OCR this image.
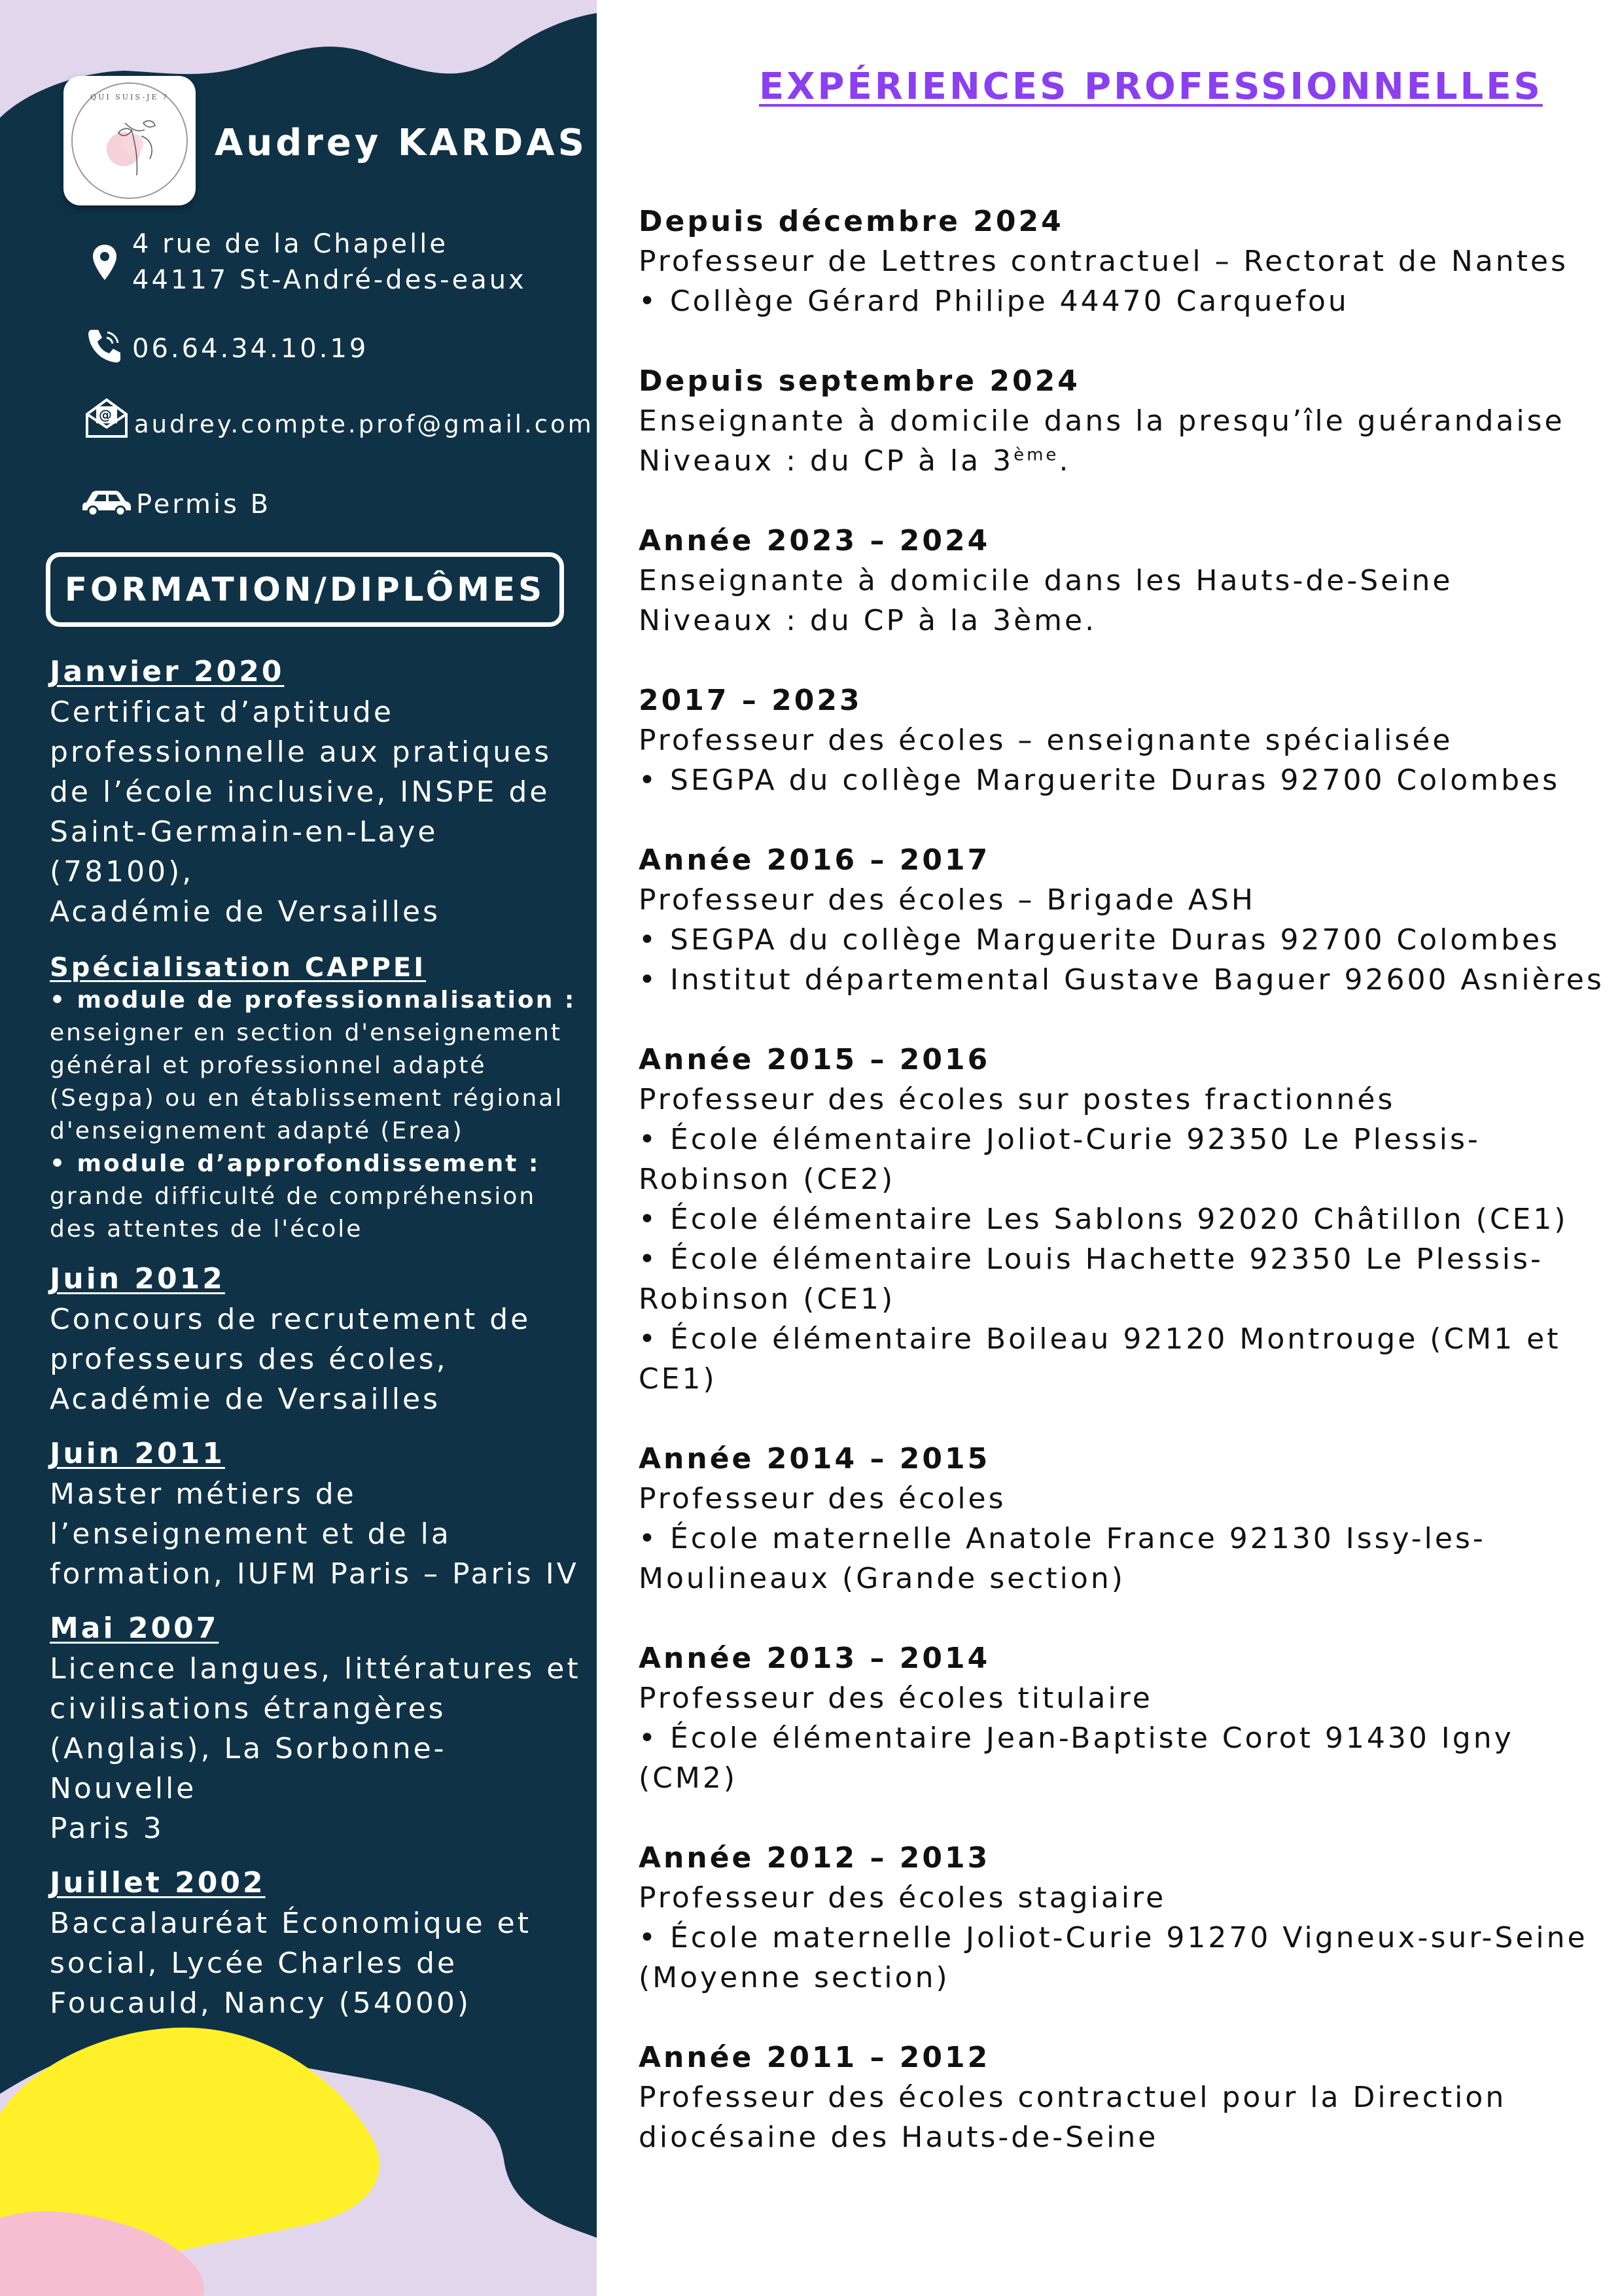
QUI SUIS-JE ?
Audrey KARDAS
4 rue de la Chapelle
44117 St-André-des-eaux
06.64.34.10.19
@ audrey.compte.prof@gmail.com
Permis B
FORMATION/DIPLÔMES
Janvier 2020
Certificat d’aptitude
professionnelle aux pratiques
de l’école inclusive, INSPE de
Saint-Germain-en-Laye (78100),
Académie de Versailles
Spécialisation CAPPEI
• module de professionnalisation :
enseigner en section d'enseignement
général et professionnel adapté
(Segpa) ou en établissement régional
d'enseignement adapté (Erea)
• module d’approfondissement :
grande difficulté de compréhension
des attentes de l'école
Juin 2012
Concours de recrutement de
professeurs des écoles,
Académie de Versailles
Juin 2011
Master métiers de
l’enseignement et de la
formation, IUFM Paris – Paris IV
Mai 2007
Licence langues, littératures et
civilisations étrangères
(Anglais), La Sorbonne-Nouvelle
Paris 3
Juillet 2002
Baccalauréat Économique et
social, Lycée Charles de
Foucauld, Nancy (54000)
EXPÉRIENCES PROFESSIONNELLES
Depuis décembre 2024
Professeur de Lettres contractuel – Rectorat de Nantes
• Collège Gérard Philipe 44470 Carquefou
Depuis septembre 2024
Enseignante à domicile dans la presqu’île guérandaise
Niveaux : du CP à la 3ème.
Année 2023 – 2024
Enseignante à domicile dans les Hauts-de-Seine
Niveaux : du CP à la 3ème.
2017 – 2023
Professeur des écoles – enseignante spécialisée
• SEGPA du collège Marguerite Duras 92700 Colombes
Année 2016 – 2017
Professeur des écoles – Brigade ASH
• SEGPA du collège Marguerite Duras 92700 Colombes
• Institut départemental Gustave Baguer 92600 Asnières
Année 2015 – 2016
Professeur des écoles sur postes fractionnés
• École élémentaire Joliot-Curie 92350 Le Plessis-
Robinson (CE2)
• École élémentaire Les Sablons 92020 Châtillon (CE1)
• École élémentaire Louis Hachette 92350 Le Plessis-
Robinson (CE1)
• École élémentaire Boileau 92120 Montrouge (CM1 et
CE1)
Année 2014 – 2015
Professeur des écoles
• École maternelle Anatole France 92130 Issy-les-
Moulineaux (Grande section)
Année 2013 – 2014
Professeur des écoles titulaire
• École élémentaire Jean-Baptiste Corot 91430 Igny (CM2)
Année 2012 – 2013
Professeur des écoles stagiaire
• École maternelle Joliot-Curie 91270 Vigneux-sur-Seine
(Moyenne section)
Année 2011 – 2012
Professeur des écoles contractuel pour la Direction
diocésaine des Hauts-de-Seine
